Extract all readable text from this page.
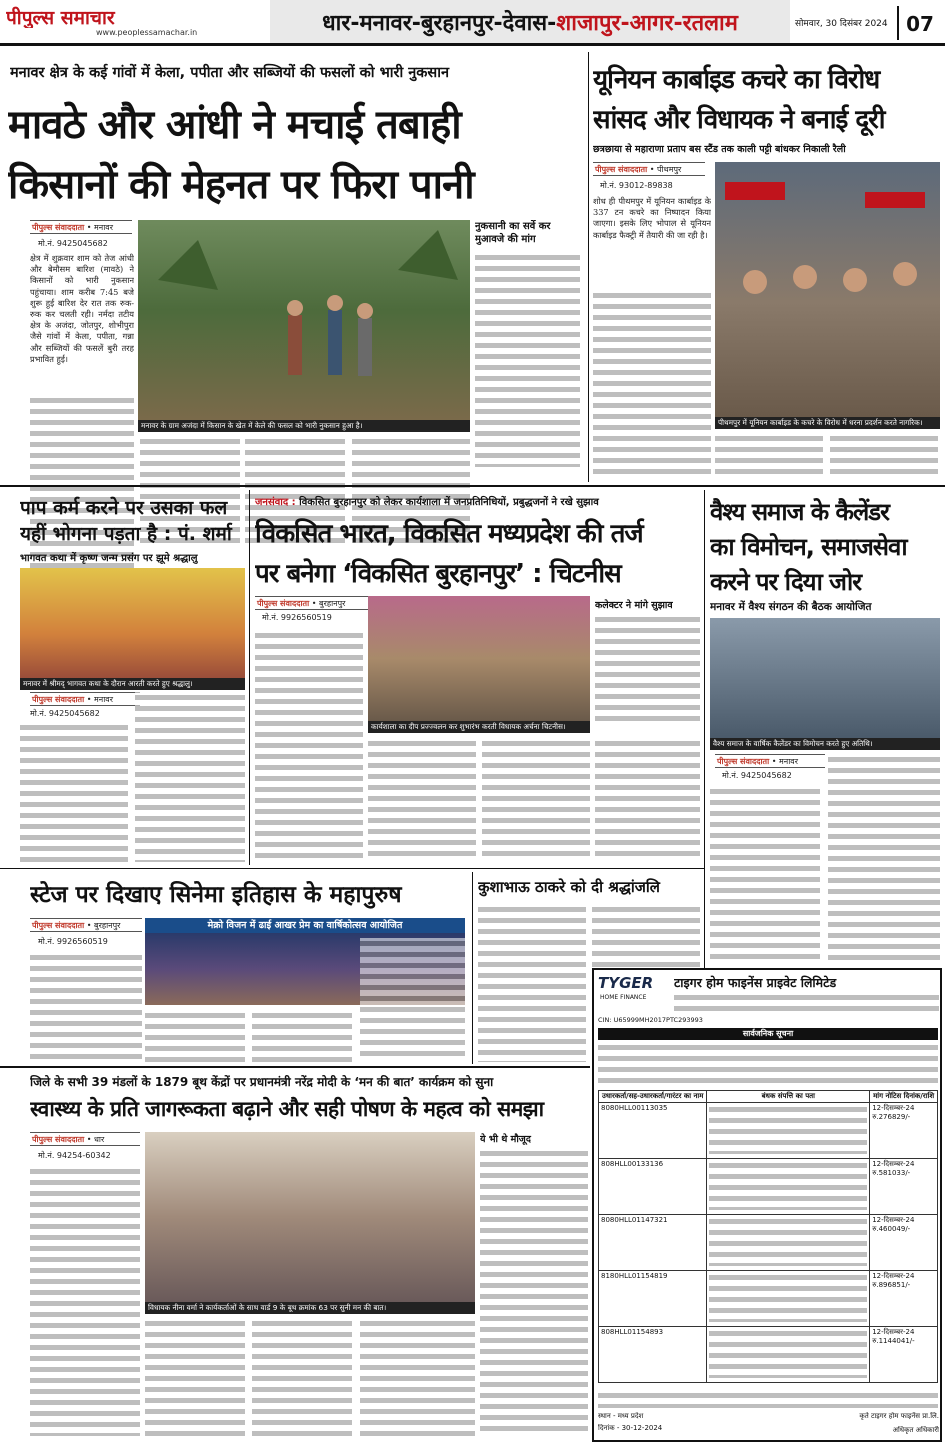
पीपुल्स समाचार
www.peoplessamachar.in	धार-मनावर-बुरहानपुर-देवास- शाजापुर-आगर-रतलाम	सोमवार, 30 दिसंबर 2024 07
मनावर क्षेत्र के कई गांवों में केला, पपीता और सब्जियों की फसलों को भारी नुकसान
मावठे और आंधी ने मचाई तबाही
किसानों की मेहनत पर फिरा पानी
पीपुल्स संवाददाता • मनावर
मो.नं. 9425045682
क्षेत्र में शुक्रवार शाम को तेज आंधी और बेमौसम बारिश (मावठे) ने किसानों को भारी नुकसान पहुंचाया। शाम करीब 7:45 बजे शुरू हुई बारिश देर रात तक रुक-रुक कर चलती रही। नर्मदा तटीय क्षेत्र के अजंदा, जोतपुर, शोभीपुरा जैसे गांवों में केला, पपीता, गन्ना और सब्जियों की फसलें बुरी तरह प्रभावित हुई।
मनावर के ग्राम अजंदा में किसान के खेत में केले की फसल को भारी नुकसान हुआ है।
नुकसानी का सर्वे कर मुआवजे की मांग
यूनियन कार्बाइड कचरे का विरोध
सांसद और विधायक ने बनाई दूरी
छत्रछाया से महाराणा प्रताप बस स्टैंड तक काली पट्टी बांधकर निकाली रैली
पीपुल्स संवाददाता • पीथमपुर
मो.नं. 93012-89838
शोध ही पीथमपुर में यूनियन कार्बाइड के 337 टन कचरे का निष्पादन किया जाएगा। इसके लिए भोपाल से यूनियन कार्बाइड फैक्ट्री में तैयारी की जा रही है।
पीथमपुर में यूनियन कार्बाइड के कचरे के विरोध में धरना प्रदर्शन करते नागरिक।
पाप कर्म करने पर उसका फल यहीं भोगना पड़ता है : पं. शर्मा
भागवत कथा में कृष्ण जन्म प्रसंग पर झूमे श्रद्धालु
मनावर में श्रीमद् भागवत कथा के दौरान आरती करते हुए श्रद्धालु।
पीपुल्स संवाददाता • मनावर
मो.नं. 9425045682
जनसंवाद : विकसित बुरहानपुर को लेकर कार्यशाला में जनप्रतिनिधियों, प्रबुद्धजनों ने रखे सुझाव
विकसित भारत, विकसित मध्यप्रदेश की तर्ज
पर बनेगा ‘विकसित बुरहानपुर’ : चिटनीस
पीपुल्स संवाददाता • बुरहानपुर
मो.नं. 9926560519
कार्यशाला का दीप प्रज्ज्वलन कर शुभारंभ करती विधायक अर्चना चिटनीस।
कलेक्टर ने मांगे सुझाव
वैश्य समाज के कैलेंडर
का विमोचन, समाजसेवा
करने पर दिया जोर
मनावर में वैश्य संगठन की बैठक आयोजित
वैश्य समाज के वार्षिक कैलेंडर का विमोचन करते हुए अतिथि।
पीपुल्स संवाददाता • मनावर
मो.नं. 9425045682
स्टेज पर दिखाए सिनेमा इतिहास के महापुरुष
पीपुल्स संवाददाता • बुरहानपुर
मो.नं. 9926560519
मेक्रो विजन में ढाई आखर प्रेम का वार्षिकोत्सव आयोजित
कुशाभाऊ ठाकरे को दी श्रद्धांजलि
जिले के सभी 39 मंडलों के 1879 बूथ केंद्रों पर प्रधानमंत्री नरेंद्र मोदी के ‘मन की बात’ कार्यक्रम को सुना
स्वास्थ्य के प्रति जागरूकता बढ़ाने और सही पोषण के महत्व को समझा
पीपुल्स संवाददाता • धार
मो.नं. 94254-60342
विधायक नीना वर्मा ने कार्यकर्ताओं के साथ वार्ड 9 के बूथ क्रमांक 63 पर सुनी मन की बात।
ये भी थे मौजूद
TYGER
HOME FINANCE
टाइगर होम फाइनेंस प्राइवेट लिमिटेड
CIN: U65999MH2017PTC293993
सार्वजनिक सूचना
उधारकर्ता/सह-उधारकर्ता/गारंटर का नाम	बंधक संपत्ति का पता	मांग नोटिस दिनांक/राशि
8080HLL00113035		12-दिसम्बर-24
रु.276829/-
808HLL00133136		12-दिसम्बर-24
रु.581033/-
8080HLL01147321		12-दिसम्बर-24
रु.460049/-
8180HLL01154819		12-दिसम्बर-24
रु.896851/-
808HLL01154893		12-दिसम्बर-24
रु.1144041/-
स्थान - मध्य प्रदेश
दिनांक - 30-12-2024
कृते टाइगर होम फाइनेंस प्रा.लि.
अधिकृत अधिकारी
